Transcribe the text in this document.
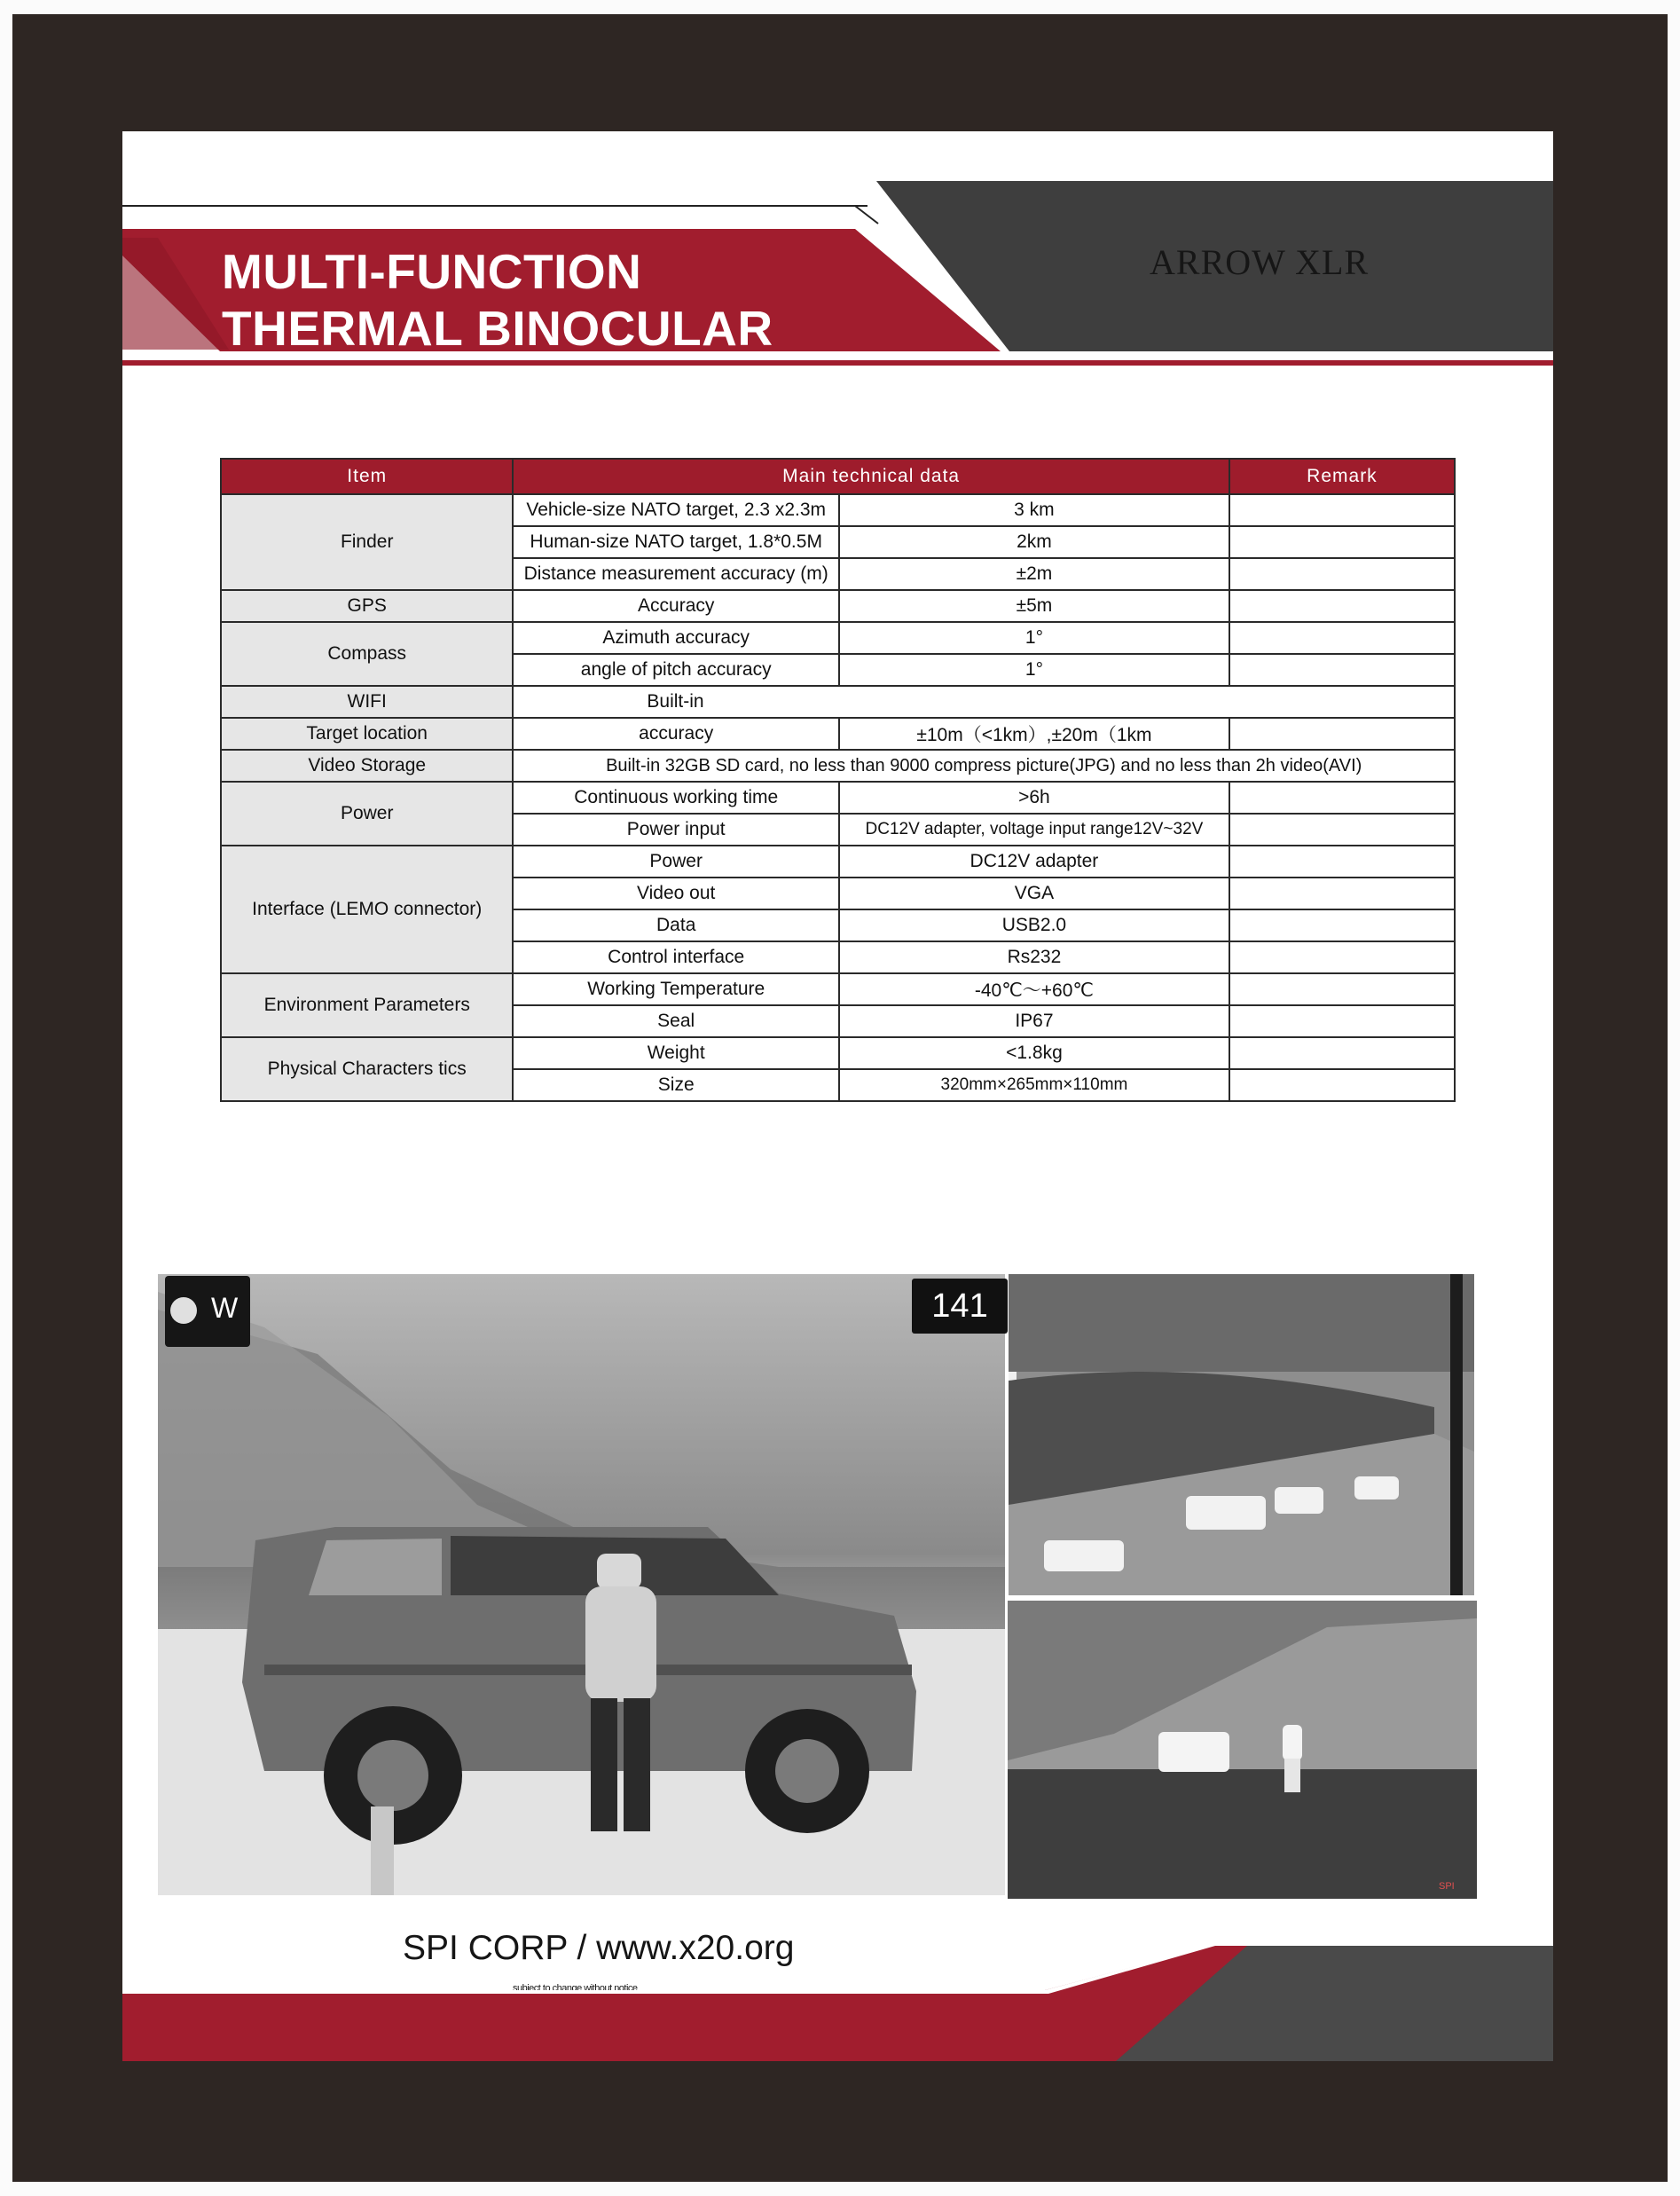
MULTI-FUNCTION
THERMAL BINOCULAR
ARROW XLR
Item	Main technical data		Remark
Finder	Vehicle-size NATO target, 2.3 x2.3m	3 km	
	Human-size NATO target, 1.8*0.5M	2km	
	Distance measurement accuracy (m)	±2m	
GPS	Accuracy	±5m	
Compass	Azimuth accuracy	1°	
	angle of pitch accuracy	1°	
WIFI	Built-in		
Target location	accuracy	±10m（<1km）,±20m（1km	
Video Storage	Built-in 32GB SD card, no less than 9000 compress picture(JPG) and no less than 2h video(AVI)		
Power	Continuous working time	>6h	
	Power input	DC12V adapter, voltage input range12V~32V	
Interface (LEMO connector)	Power	DC12V adapter	
	Video out	VGA	
	Data	USB2.0	
	Control interface	Rs232	
Environment Parameters	Working Temperature	-40℃～+60℃	
	Seal	IP67	
Physical Characters tics	Weight	<1.8kg	
	Size	320mm×265mm×110mm	
W	141
SPI
SPI CORP / www.x20.org
subject to change without notice
